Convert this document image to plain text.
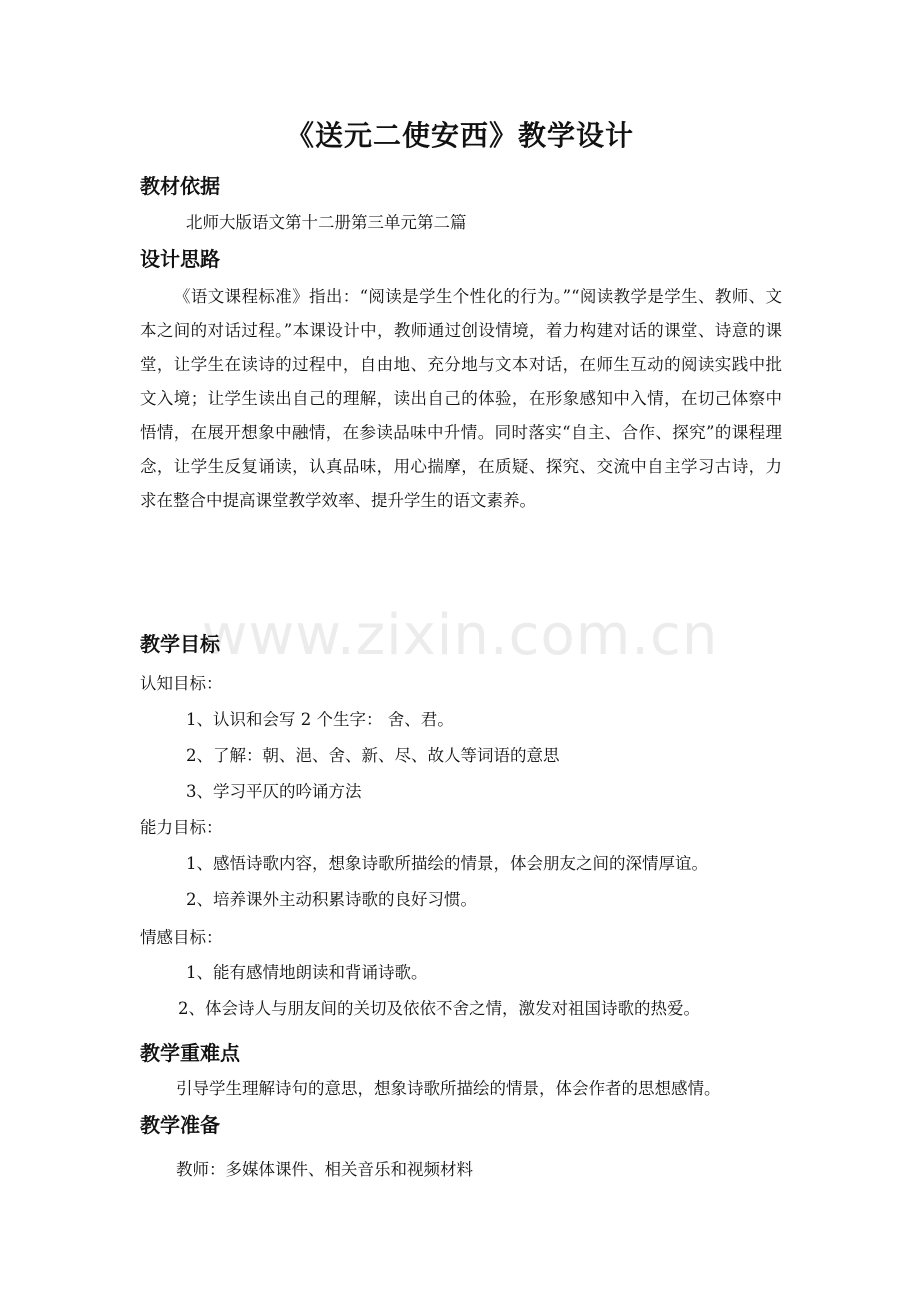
www.zixin.com.cn
《送元二使安西》教学设计
教材依据
北师大版语文第十二册第三单元第二篇
设计思路
《语文课程标准》指出：“阅读是学生个性化的行为。”“阅读教学是学生、教师、文本之间的对话过程。”本课设计中，教师通过创设情境，着力构建对话的课堂、诗意的课堂，让学生在读诗的过程中，自由地、充分地与文本对话，在师生互动的阅读实践中批文入境；让学生读出自己的理解，读出自己的体验，在形象感知中入情，在切己体察中悟情，在展开想象中融情，在参读品味中升情。同时落实“自主、合作、探究”的课程理念，让学生反复诵读，认真品味，用心揣摩，在质疑、探究、交流中自主学习古诗，力求在整合中提高课堂教学效率、提升学生的语文素养。
教学目标
认知目标：
1、认识和会写 2 个生字： 舍、君。
2、了解：朝、浥、舍、新、尽、故人等词语的意思
3、学习平仄的吟诵方法
能力目标：
1、感悟诗歌内容，想象诗歌所描绘的情景，体会朋友之间的深情厚谊。
2、培养课外主动积累诗歌的良好习惯。
情感目标：
1、能有感情地朗读和背诵诗歌。
2、体会诗人与朋友间的关切及依依不舍之情，激发对祖国诗歌的热爱。
教学重难点
引导学生理解诗句的意思，想象诗歌所描绘的情景，体会作者的思想感情。
教学准备
教师：多媒体课件、相关音乐和视频材料
